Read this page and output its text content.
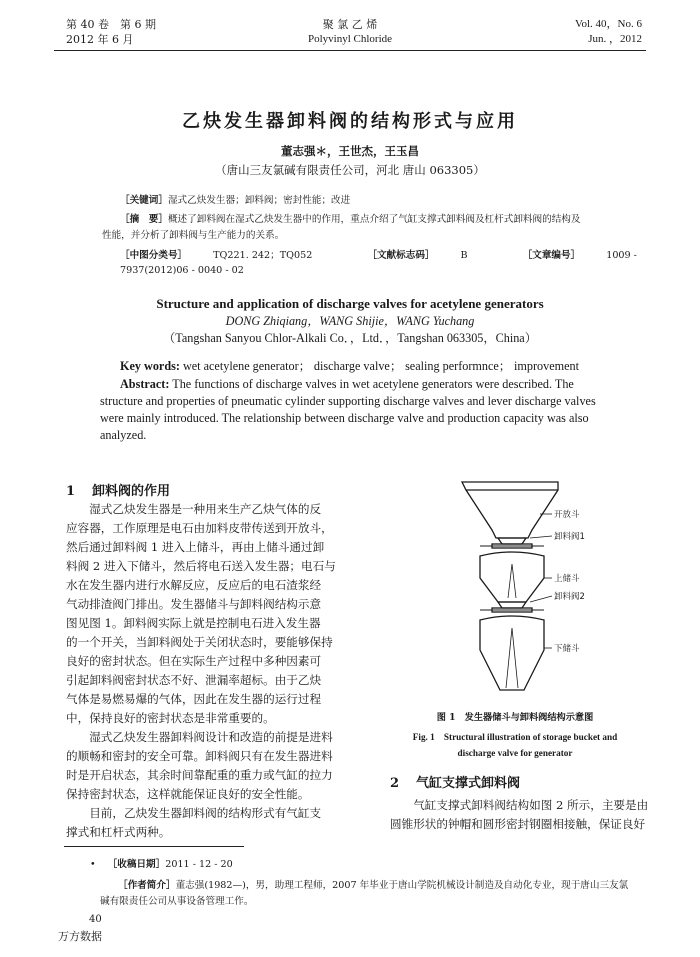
第 40 卷　第 6 期
2012 年 6 月
聚 氯 乙 烯
Polyvinyl Chloride
Vol. 40，No. 6
Jun. ，2012
乙炔发生器卸料阀的结构形式与应用
董志强＊，王世杰，王玉昌
（唐山三友氯碱有限责任公司，河北 唐山 063305）
［关键词］湿式乙炔发生器；卸料阀；密封性能；改进
［摘　要］概述了卸料阀在湿式乙炔发生器中的作用，重点介绍了气缸支撑式卸料阀及杠杆式卸料阀的结构及
性能，并分析了卸料阀与生产能力的关系。
［中图分类号］	TQ221. 242；TQ052	［文献标志码］	B	［文章编号］	1009 - 7937(2012)06 - 0040 - 02
Structure and application of discharge valves for acetylene generators
DONG Zhiqiang，WANG Shijie，WANG Yuchang
（Tangshan Sanyou Chlor-Alkali Co．，Ltd．，Tangshan 063305，China）
Key words: wet acetylene generator； discharge valve； sealing performnce； improvement
Abstract: The functions of discharge valves in wet acetylene generators were described. The
structure and properties of pneumatic cylinder supporting discharge valves and lever discharge valves
were mainly introduced. The relationship between discharge valve and production capacity was also
analyzed.
1 卸料阀的作用
湿式乙炔发生器是一种用来生产乙炔气体的反
应容器，工作原理是电石由加料皮带传送到开放斗，
然后通过卸料阀 1 进入上储斗，再由上储斗通过卸
料阀 2 进入下储斗，然后将电石送入发生器；电石与
水在发生器内进行水解反应，反应后的电石渣浆经
气动排渣阀门排出。发生器储斗与卸料阀结构示意
图见图 1。卸料阀实际上就是控制电石进入发生器
的一个开关，当卸料阀处于关闭状态时，要能够保持
良好的密封状态。但在实际生产过程中多种因素可
引起卸料阀密封状态不好、泄漏率超标。由于乙炔
气体是易燃易爆的气体，因此在发生器的运行过程
中，保持良好的密封状态是非常重要的。
湿式乙炔发生器卸料阀设计和改造的前提是进料
的顺畅和密封的安全可靠。卸料阀只有在发生器进料
时是开启状态，其余时间靠配重的重力或气缸的拉力
保持密封状态，这样就能保证良好的安全性能。
目前，乙炔发生器卸料阀的结构形式有气缸支
撑式和杠杆式两种。
开放斗
卸料阀1
上储斗
卸料阀2
下储斗
图 1　发生器储斗与卸料阀结构示意图
Fig. 1　Structural illustration of storage bucket and
discharge valve for generator
2 气缸支撑式卸料阀
气缸支撑式卸料阀结构如图 2 所示，主要是由
圆锥形状的钟帽和圆形密封钢圈相接触，保证良好
• ［收稿日期］2011 - 12 - 20
［作者简介］董志强(1982—)，男，助理工程师，2007 年毕业于唐山学院机械设计制造及自动化专业，现于唐山三友氯
碱有限责任公司从事设备管理工作。
40
万方数据
